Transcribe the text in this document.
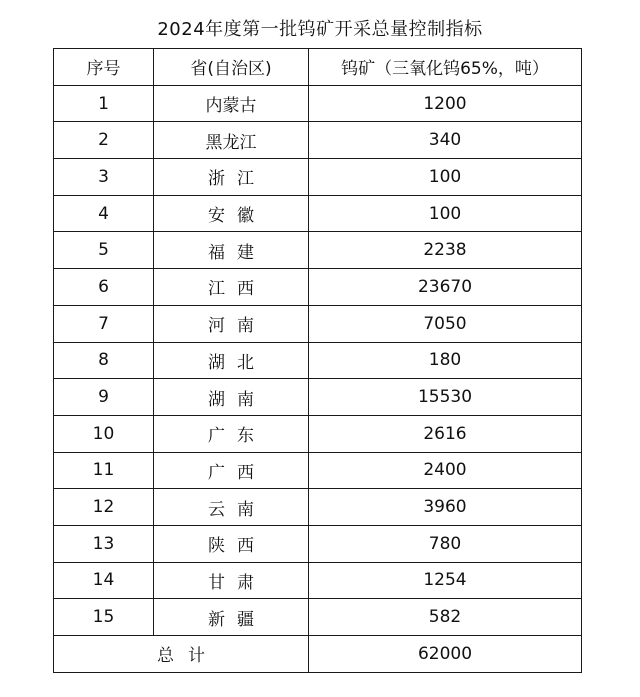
2024年度第一批钨矿开采总量控制指标
序号	省(自治区)	钨矿（三氧化钨65%，吨）
1	内蒙古	1200
2	黑龙江	340
3	浙江	100
4	安徽	100
5	福建	2238
6	江西	23670
7	河南	7050
8	湖北	180
9	湖南	15530
10	广东	2616
11	广西	2400
12	云南	3960
13	陕西	780
14	甘肃	1254
15	新疆	582
总计		62000
